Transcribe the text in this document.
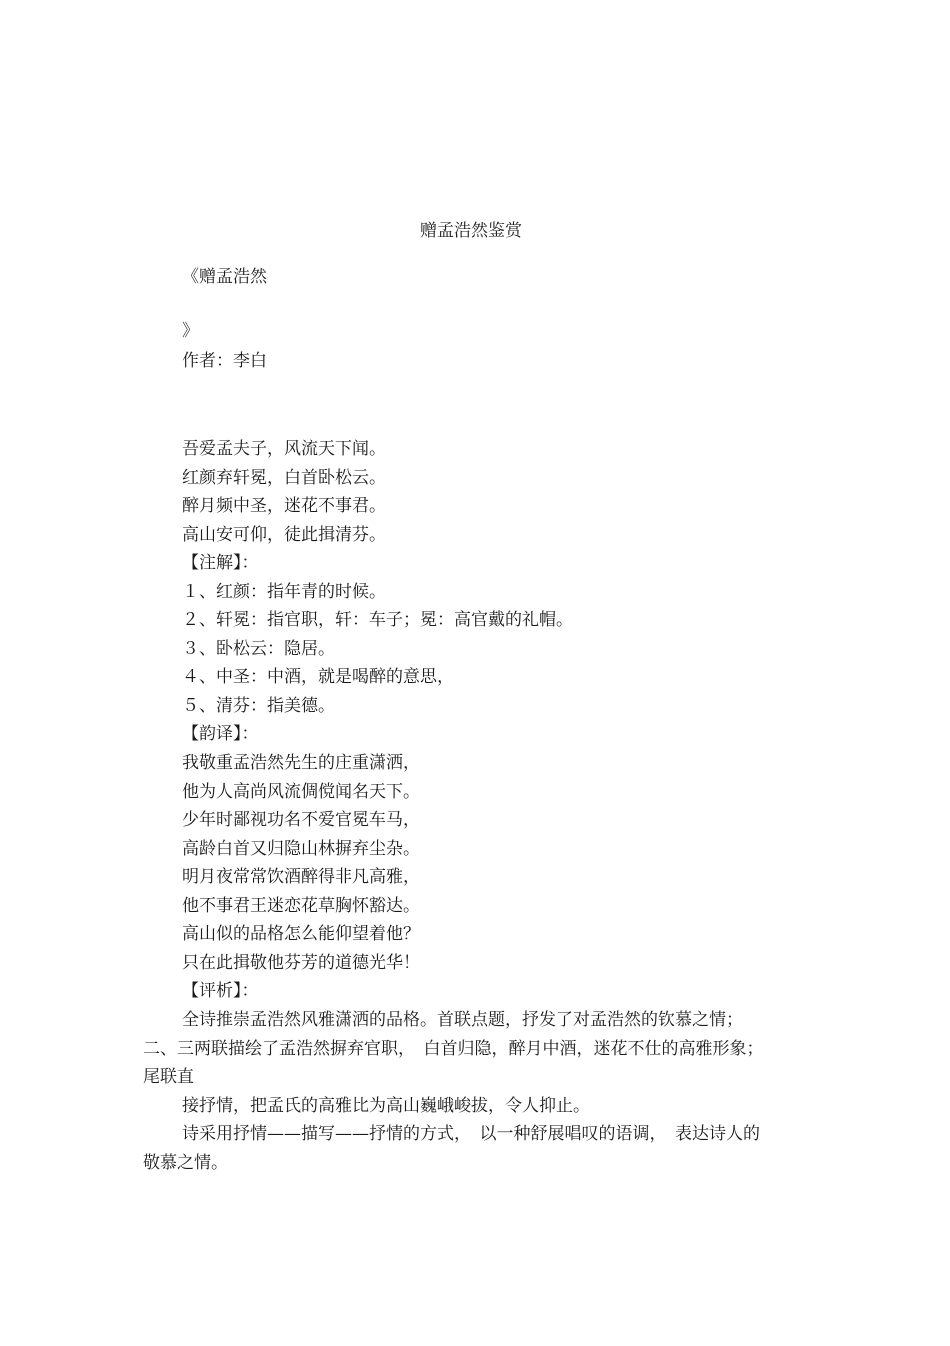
赠孟浩然鉴赏
《赠孟浩然
》
作者：李白
吾爱孟夫子，风流天下闻。
红颜弃轩冕，白首卧松云。
醉月频中圣，迷花不事君。
高山安可仰，徒此揖清芬。
【注解】：
１、红颜：指年青的时候。
２、轩冕：指官职，轩：车子；冕：高官戴的礼帽。
３、卧松云：隐居。
４、中圣：中酒，就是喝醉的意思，
５、清芬：指美德。
【韵译】：
我敬重孟浩然先生的庄重潇洒，
他为人高尚风流倜傥闻名天下。
少年时鄙视功名不爱官冕车马，
高龄白首又归隐山林摒弃尘杂。
明月夜常常饮酒醉得非凡高雅，
他不事君王迷恋花草胸怀豁达。
高山似的品格怎么能仰望着他？
只在此揖敬他芬芳的道德光华！
【评析】：
全诗推崇孟浩然风雅潇洒的品格。首联点题，抒发了对孟浩然的钦慕之情；
二、三两联描绘了孟浩然摒弃官职，　白首归隐，醉月中酒，迷花不仕的高雅形象；
尾联直
接抒情，把孟氏的高雅比为高山巍峨峻拔，令人抑止。
诗采用抒情——描写——抒情的方式，　以一种舒展唱叹的语调，　表达诗人的
敬慕之情。
